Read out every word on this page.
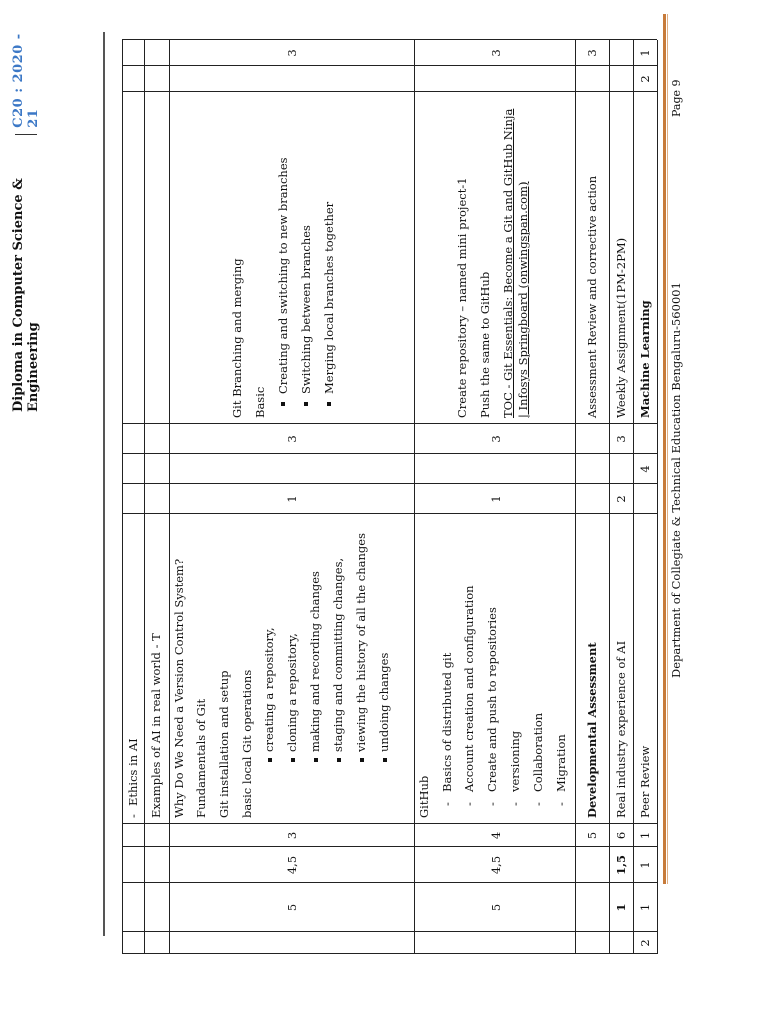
Diploma in Computer Science & Engineering
C20 : 2020 - 21
-
Ethics in AI Examples of AI in real world - T
5
4,5
3
Why Do We Need a Version Control System? Fundamentals of Git Git installation and setup basic local Git operations creating a repository, cloning a repository, making and recording changes staging and committing changes, viewing the history of all the changes undoing changes
1
3
Git Branching and merging Basic
Creating and switching to new branches Switching between branches Merging local branches together
3
5
4,5
4
GitHub -
Basics of distributed git
-
Account creation and configuration
-
Create and push to repositories
-
versioning
-
Collaboration
-
Migration
1
3
Create repository – named mini project-1 Push the same to GitHub TOC - Git Essentials: Become a Git and GitHub Ninja | Infosys Springboard (onwingspan.com)
3
5
Developmental Assessment
Assessment Review and corrective action
3
1
1,5
6
Real industry experience of AI
2
3
Weekly Assignment(1PM-2PM)
2
1
1
1
Peer Review
4
Machine Learning
2
1
Department of Collegiate & Technical Education Bengaluru-560001
Page 9
